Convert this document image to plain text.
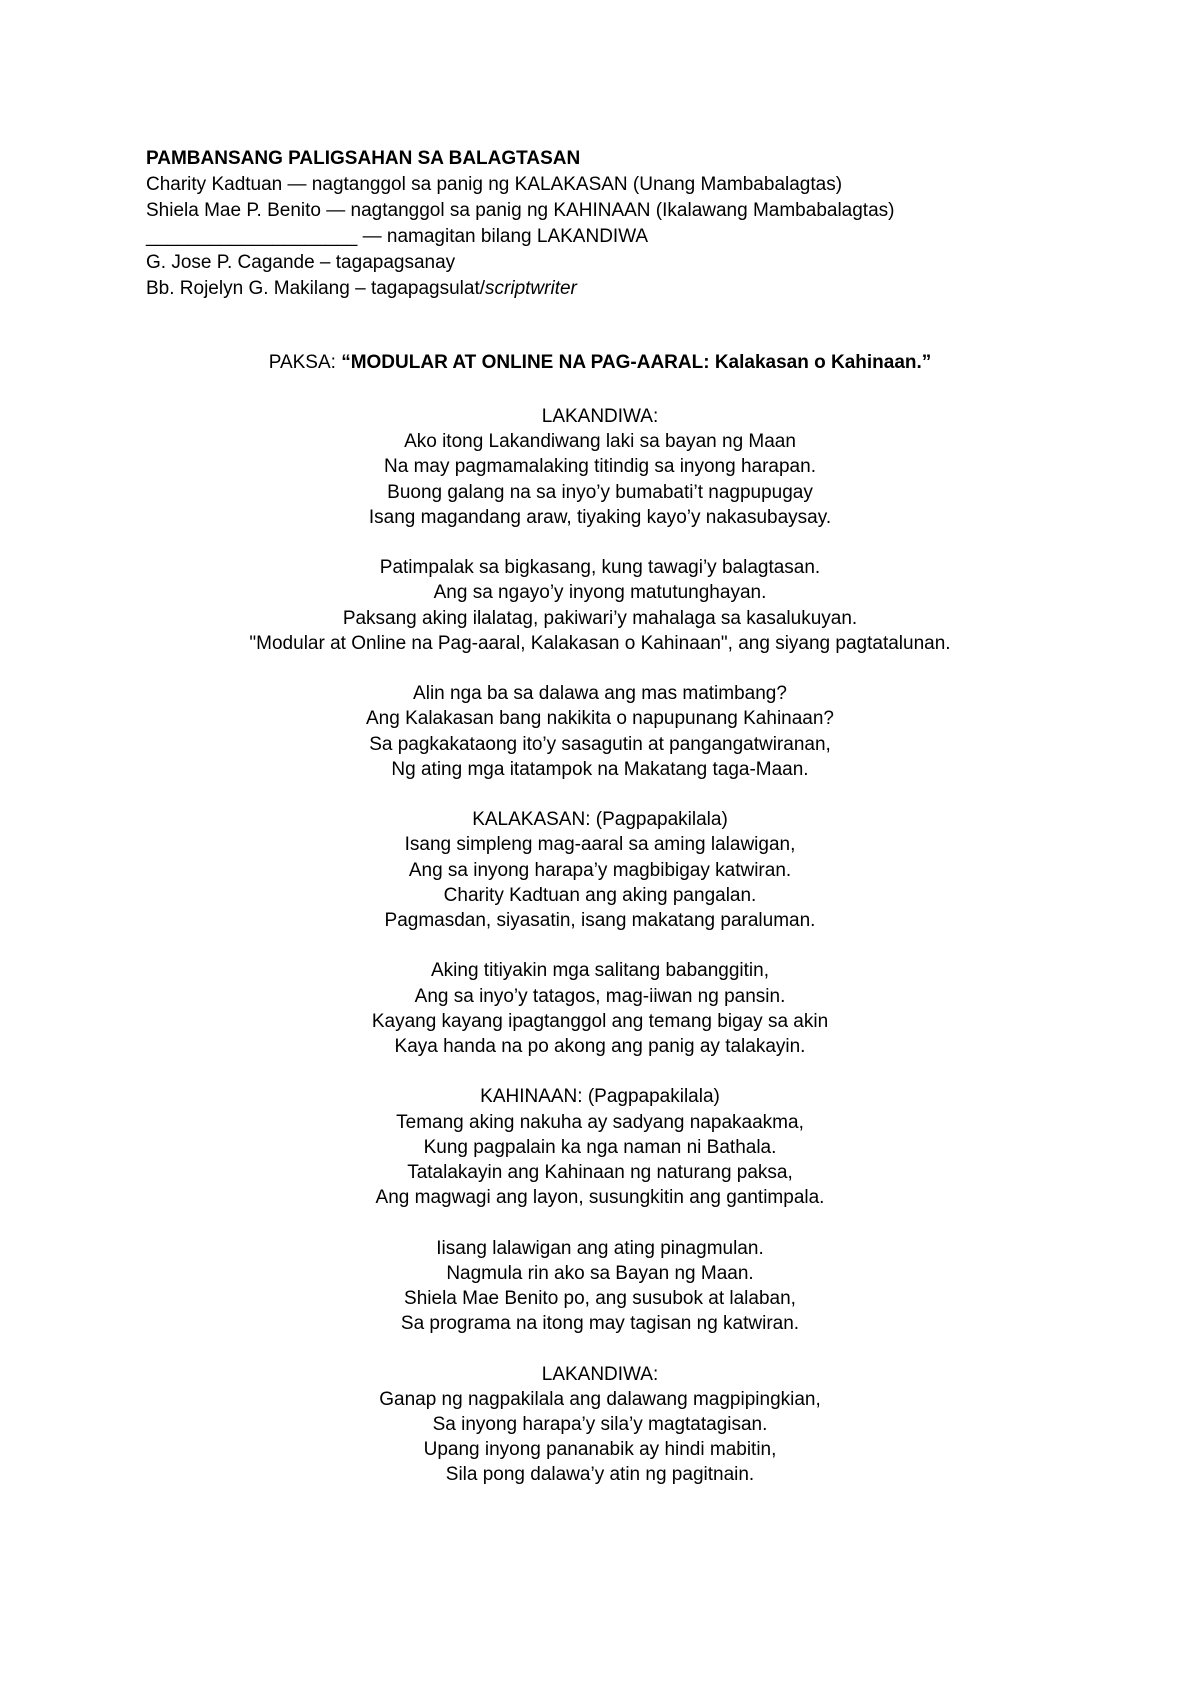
PAMBANSANG PALIGSAHAN SA BALAGTASAN
Charity Kadtuan — nagtanggol sa panig ng KALAKASAN (Unang Mambabalagtas)
Shiela Mae P. Benito — nagtanggol sa panig ng KAHINAAN (Ikalawang Mambabalagtas)
____________________ — namagitan bilang LAKANDIWA
G. Jose P. Cagande – tagapagsanay
Bb. Rojelyn G. Makilang – tagapagsulat/scriptwriter
PAKSA: “MODULAR AT ONLINE NA PAG-AARAL: Kalakasan o Kahinaan.”
LAKANDIWA:
Ako itong Lakandiwang laki sa bayan ng Maan
Na may pagmamalaking titindig sa inyong harapan.
Buong galang na sa inyo’y bumabati’t nagpupugay
Isang magandang araw, tiyaking kayo’y nakasubaysay.
Patimpalak sa bigkasang, kung tawagi’y balagtasan.
Ang sa ngayo’y inyong matutunghayan.
Paksang aking ilalatag, pakiwari’y mahalaga sa kasalukuyan.
"Modular at Online na Pag-aaral, Kalakasan o Kahinaan", ang siyang pagtatalunan.
Alin nga ba sa dalawa ang mas matimbang?
Ang Kalakasan bang nakikita o napupunang Kahinaan?
Sa pagkakataong ito’y sasagutin at pangangatwiranan,
Ng ating mga itatampok na Makatang taga-Maan.
KALAKASAN: (Pagpapakilala)
Isang simpleng mag-aaral sa aming lalawigan,
Ang sa inyong harapa’y magbibigay katwiran.
Charity Kadtuan ang aking pangalan.
Pagmasdan, siyasatin, isang makatang paraluman.
Aking titiyakin mga salitang babanggitin,
Ang sa inyo’y tatagos, mag-iiwan ng pansin.
Kayang kayang ipagtanggol ang temang bigay sa akin
Kaya handa na po akong ang panig ay talakayin.
KAHINAAN: (Pagpapakilala)
Temang aking nakuha ay sadyang napakaakma,
Kung pagpalain ka nga naman ni Bathala.
Tatalakayin ang Kahinaan ng naturang paksa,
Ang magwagi ang layon, susungkitin ang gantimpala.
Iisang lalawigan ang ating pinagmulan.
Nagmula rin ako sa Bayan ng Maan.
Shiela Mae Benito po, ang susubok at lalaban,
Sa programa na itong may tagisan ng katwiran.
LAKANDIWA:
Ganap ng nagpakilala ang dalawang magpipingkian,
Sa inyong harapa’y sila’y magtatagisan.
Upang inyong pananabik ay hindi mabitin,
Sila pong dalawa’y atin ng pagitnain.
